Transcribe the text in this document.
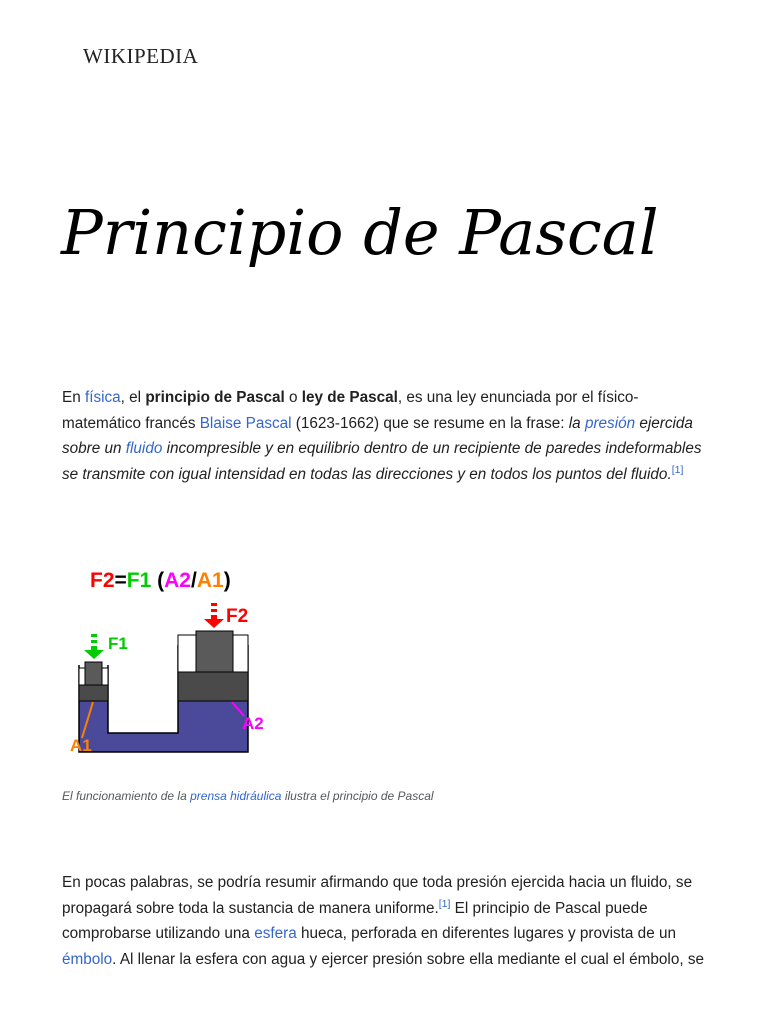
WIKIPEDIA
Principio de Pascal

En física, el principio de Pascal o ley de Pascal, es una ley enunciada por el físico-matemático francés Blaise Pascal (1623-1662) que se resume en la frase: la presión ejercida sobre un fluido incompresible y en equilibrio dentro de un recipiente de paredes indeformables se transmite con igual intensidad en todas las direcciones y en todos los puntos del fluido.[1]

F2=F1 (A2/A1)
F1
F2
A1
A2

El funcionamiento de la prensa hidráulica ilustra el principio de Pascal

En pocas palabras, se podría resumir afirmando que toda presión ejercida hacia un fluido, se propagará sobre toda la sustancia de manera uniforme.[1] El principio de Pascal puede comprobarse utilizando una esfera hueca, perforada en diferentes lugares y provista de un émbolo. Al llenar la esfera con agua y ejercer presión sobre ella mediante el cual el émbolo, se
